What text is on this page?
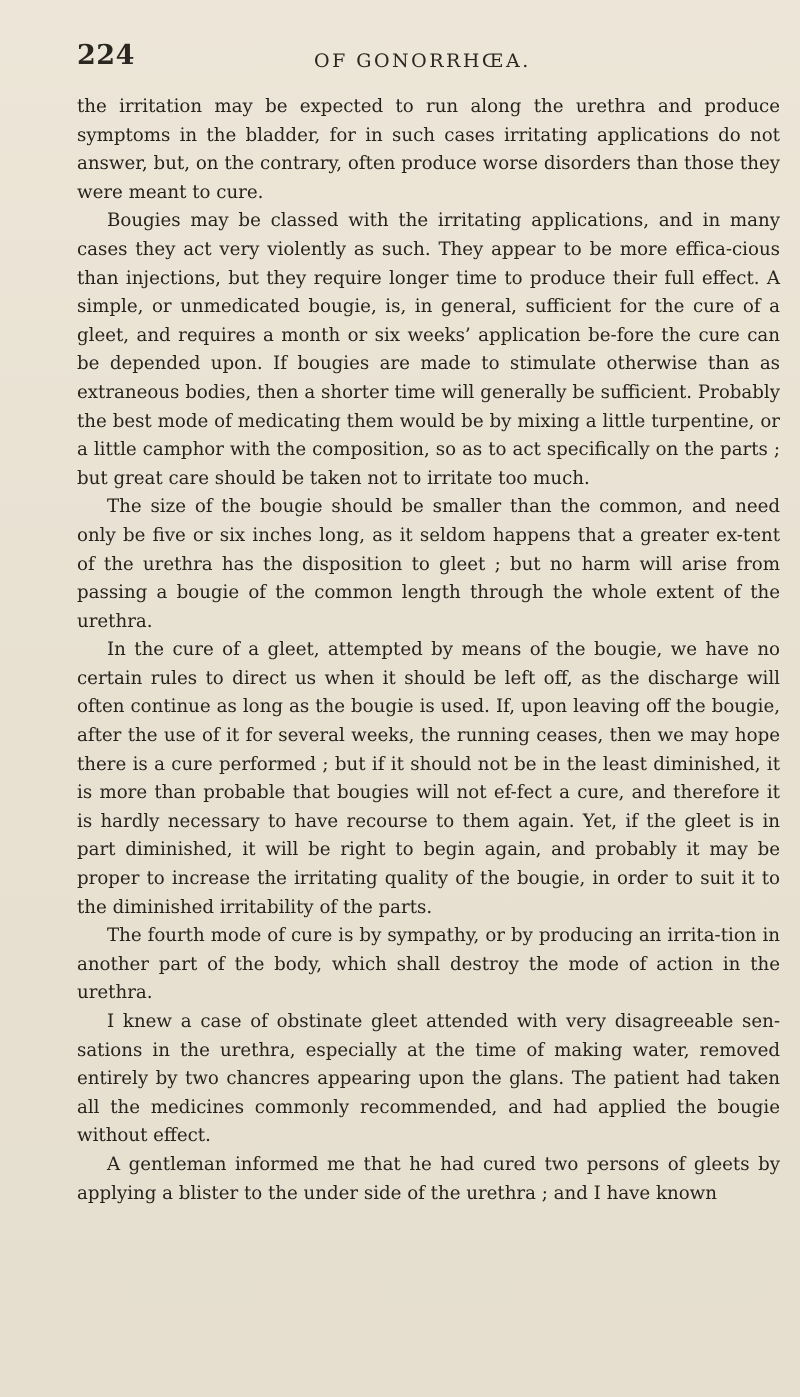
224	OF GONORRHŒA.

the irritation may be expected to run along the urethra and produce symptoms in the bladder, for in such cases irritating applications do not answer, but, on the contrary, often produce worse disorders than those they were meant to cure.

Bougies may be classed with the irritating applications, and in many cases they act very violently as such. They appear to be more effica-cious than injections, but they require longer time to produce their full effect. A simple, or unmedicated bougie, is, in general, sufficient for the cure of a gleet, and requires a month or six weeks’ application be-fore the cure can be depended upon. If bougies are made to stimulate otherwise than as extraneous bodies, then a shorter time will generally be sufficient. Probably the best mode of medicating them would be by mixing a little turpentine, or a little camphor with the composition, so as to act specifically on the parts ; but great care should be taken not to irritate too much.

The size of the bougie should be smaller than the common, and need only be five or six inches long, as it seldom happens that a greater ex-tent of the urethra has the disposition to gleet ; but no harm will arise from passing a bougie of the common length through the whole extent of the urethra.

In the cure of a gleet, attempted by means of the bougie, we have no certain rules to direct us when it should be left off, as the discharge will often continue as long as the bougie is used. If, upon leaving off the bougie, after the use of it for several weeks, the running ceases, then we may hope there is a cure performed ; but if it should not be in the least diminished, it is more than probable that bougies will not ef-fect a cure, and therefore it is hardly necessary to have recourse to them again. Yet, if the gleet is in part diminished, it will be right to begin again, and probably it may be proper to increase the irritating quality of the bougie, in order to suit it to the diminished irritability of the parts.

The fourth mode of cure is by sympathy, or by producing an irrita-tion in another part of the body, which shall destroy the mode of action in the urethra.

I knew a case of obstinate gleet attended with very disagreeable sen-sations in the urethra, especially at the time of making water, removed entirely by two chancres appearing upon the glans. The patient had taken all the medicines commonly recommended, and had applied the bougie without effect.

A gentleman informed me that he had cured two persons of gleets by applying a blister to the under side of the urethra ; and I have known
